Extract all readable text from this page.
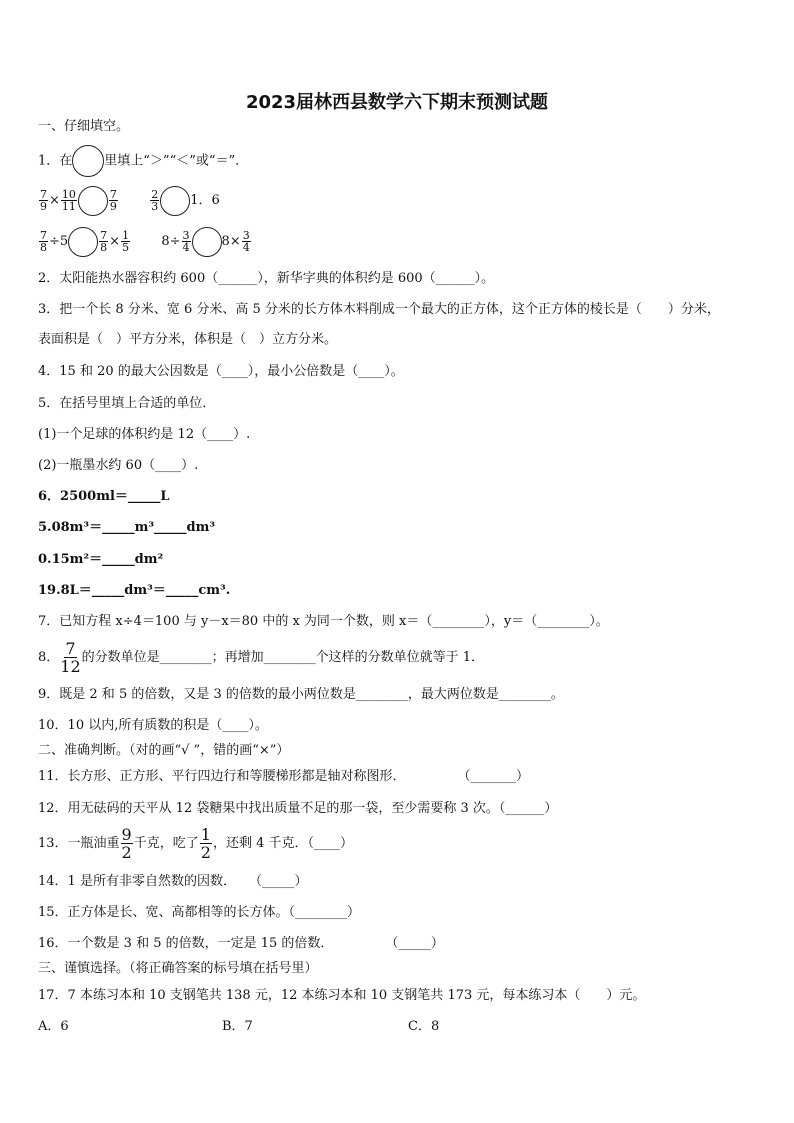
2023届林西县数学六下期末预测试题
一、仔细填空。
1．在 里填上“＞”“＜”或“＝”．
$\frac{7}{9} \times \frac{10}{11}$	$\frac{7}{9}$
	$\frac{2}{3} 1$．6
$\frac{7}{8} \div 5$	$\frac{7}{8} \times \frac{1}{5} 8\div \frac{3}{4} 8\times \frac{3}{4}$
2．太阳能热水器容积约 600（______），新华字典的体积约是 600（______）。
3．把一个长 8 分米、宽 6 分米、高 5 分米的长方体木料削成一个最大的正方体，这个正方体的棱长是（　　）分米，
表面积是（　）平方分米，体积是（　）立方分米。
4．15 和 20 的最大公因数是（____），最小公倍数是（____）。
5．在括号里填上合适的单位．
(1)一个足球的体积约是 12（____）.
(2)一瓶墨水约 60（____）.
6．2500ml＝_____L
5.08m³＝_____m³_____dm³
0.15m²＝_____dm²
19.8L＝_____dm³＝_____cm³.
7．已知方程 x÷4＝100 与 y－x＝80 中的 x 为同一个数，则 x＝（________），y＝（________）。
8． $\frac{7}{12}$ 的分数单位是________；再增加________个这样的分数单位就等于 1．
9．既是 2 和 5 的倍数，又是 3 的倍数的最小两位数是________，最大两位数是________。
10．10 以内,所有质数的积是（____）。
二、准确判断。（对的画“√ ”，错的画“×”）
11．长方形、正方形、平行四边行和等腰梯形都是轴对称图形．　　　　　（_______）
12．用无砝码的天平从 12 袋糖果中找出质量不足的那一袋，至少需要称 3 次。（______）
13．一瓶油重 $\frac{9}{2}$ 千克，吃了 $\frac{1}{2}$ ，还剩 4 千克．（____）
14．1 是所有非零自然数的因数．　　（_____）
15．正方体是长、宽、高都相等的长方体。（________）
16．一个数是 3 和 5 的倍数，一定是 15 的倍数．　　　　　（_____）
三、谨慎选择。（将正确答案的标号填在括号里）
17．7 本练习本和 10 支钢笔共 138 元，12 本练习本和 10 支钢笔共 173 元，每本练习本（　　）元。
A．6	B．7	C．8
